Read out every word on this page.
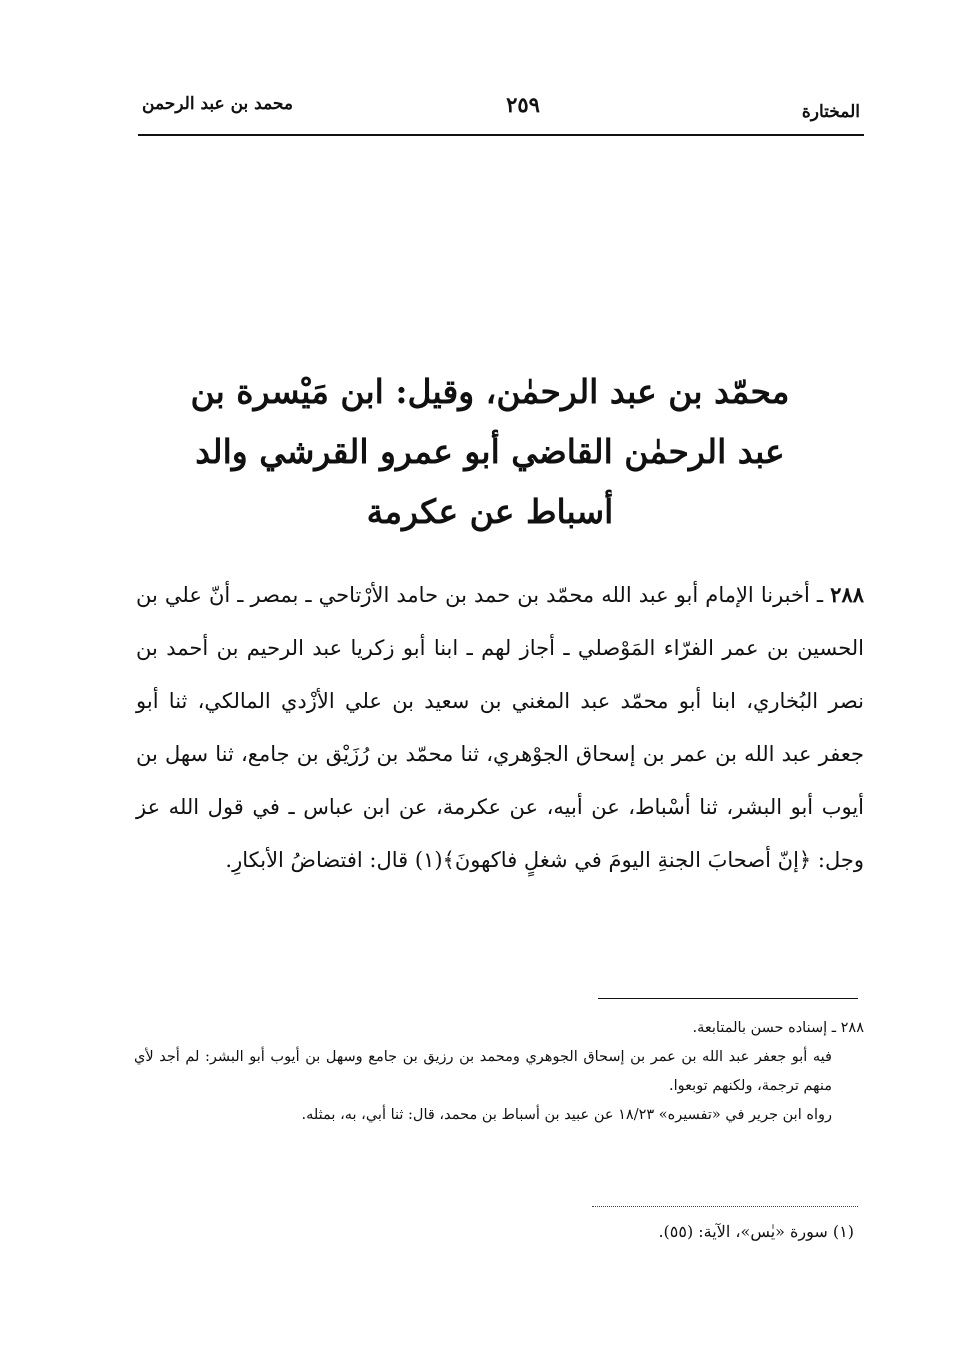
المختارة
٢٥٩
محمد بن عبد الرحمن
محمّد بن عبد الرحمٰن، وقيل: ابن مَيْسرة بن
عبد الرحمٰن القاضي أبو عمرو القرشي والد
أسباط عن عكرمة
٢٨٨ ـ أخبرنا الإمام أبو عبد الله محمّد بن حمد بن حامد الأرْتاحي ـ بمصر ـ أنّ علي بن الحسين بن عمر الفرّاء المَوْصلي ـ أجاز لهم ـ ابنا أبو زكريا عبد الرحيم بن أحمد بن نصر البُخاري، ابنا أبو محمّد عبد المغني بن سعيد بن علي الأزْدي المالكي، ثنا أبو جعفر عبد الله بن عمر بن إسحاق الجوْهري، ثنا محمّد بن رُزَيْق بن جامع، ثنا سهل بن أيوب أبو البشر، ثنا أسْباط، عن أبيه، عن عكرمة، عن ابن عباس ـ في قول الله عز وجل: ﴿إنّ أصحابَ الجنةِ اليومَ في شغلٍ فاكهونَ﴾(١) قال: افتضاضُ الأبكارِ.
٢٨٨ ـ إسناده حسن بالمتابعة.
فيه أبو جعفر عبد الله بن عمر بن إسحاق الجوهري ومحمد بن رزيق بن جامع وسهل بن أيوب أبو البشر: لم أجد لأي منهم ترجمة، ولكنهم توبعوا.
رواه ابن جرير في «تفسيره» ١٨/٢٣ عن عبيد بن أسباط بن محمد، قال: ثنا أبي، به، بمثله.
(١) سورة «يٰس»، الآية: (٥٥).
